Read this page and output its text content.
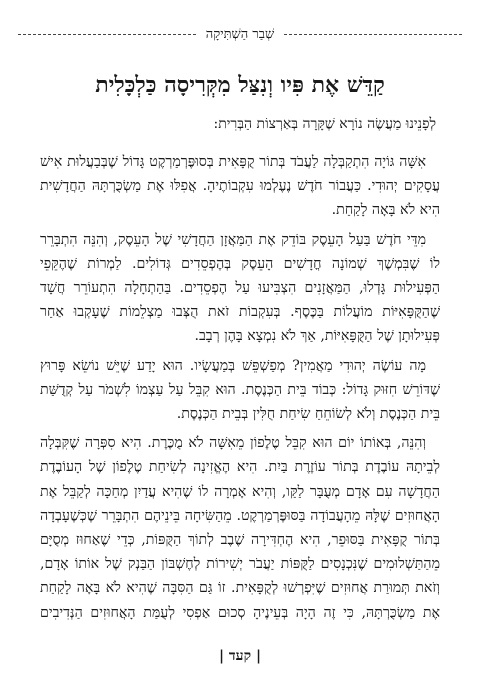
שְׁבַר הַשְׁתִּיקָה
קַדֵּשׁ אֶת פִּיו וְנִצַּל מִקְּרִיסָה כַּלְכָּלִית

לְפָנֵינוּ מַעֲשֶׂה נוֹרָא שֶׁקָּרָה בְּאַרְצוֹת הַבְּרִית:

אִשָּׁה גּוֹיָה הִתְקַבְּלָה לַעֲבֹד בְּתוֹר קֻפָּאִית בְּסוּפֶּרְמַרְקֶט גָּדוֹל שֶׁבְּבַעֲלוּת אִישׁ עֲסָקִים יְהוּדִי. כַּעֲבוֹר חֹדֶשׁ נֶעֶלְמוּ עִקְבוֹתֶיהָ. אֲפִלּוּ אֶת מַשְׂכֻּרְתָּהּ הַחֲדָשִׁית הִיא לֹא בָּאָה לָקַחַת.

מִדֵּי חֹדֶשׁ בַּעַל הָעֵסֶק בּוֹדֵק אֶת הַמַּאֲזָן הַחֲדָשִׁי שֶׁל הָעֵסֶק, וְהִנֵּה הִתְבָּרֵר לוֹ שֶׁבִּמְשֶׁךְ שְׁמוֹנָה חֳדָשִׁים הָעֵסֶק בְּהֶפְסֵדִים גְּדוֹלִים. לַמְרוֹת שֶׁהֶקֵּפֵי הַפְּעִילוּת גָּדְלוּ, הַמַּאֲזָנִים הִצְבִּיעוּ עַל הֶפְסֵדִים. בַּהַתְחָלָה הִתְעוֹרֵר חֲשָׁד שֶׁהַקֻּפָּאִיּוֹת מוֹעֲלוֹת בַּכֶּסֶף. בְּעִקְבוֹת זֹאת הֻצְּבוּ מַצְלֵמוֹת שֶׁעָקְבוּ אַחַר פְּעִילוּתָן שֶׁל הַקֻּפָּאִיּוֹת, אַךְ לֹא נִמְצָא בָּהֶן רְבָב.

מָה עוֹשֶׂה יְהוּדִי מַאֲמִין? מְפַשְׁפֵּשׁ בְּמַעֲשָׂיו. הוּא יָדַע שֶׁיֵּשׁ נוֹשֵׂא פָּרוּץ שֶׁדּוֹרֵשׁ חִזּוּק גָּדוֹל: כְּבוֹד בֵּית הַכְּנֶסֶת. הוּא קִבֵּל עַל עַצְמוֹ לִשְׁמֹר עַל קְדֻשַּׁת בֵּית הַכְּנֶסֶת וְלֹא לְשׂוֹחֵחַ שִׂיחַת חֻלִּין בְּבֵית הַכְּנֶסֶת.

וְהִנֵּה, בְּאוֹתוֹ יוֹם הוּא קִבֵּל טֶלֶפוֹן מֵאִשָּׁה לֹא מֻכֶּרֶת. הִיא סִפְּרָה שֶׁקִּבְּלָה לְבֵיתָהּ עוֹבֶדֶת בְּתוֹר עוֹזֶרֶת בַּיִת. הִיא הֶאֱזִינָה לְשִׂיחַת טֶלֶפוֹן שֶׁל הָעוֹבֶדֶת הַחֲדָשָׁה עִם אָדָם מְעֻבָּר לַקַּו, וְהִיא אָמְרָה לוֹ שֶׁהִיא עֲדַיִן מְחַכָּה לְקַבֵּל אֶת הָאֲחוּזִים שֶׁלָּהּ מֵהָעֲבוֹדָה בַּסּוּפֶּרְמַרְקֶט. מֵהַשִּׂיחָה בֵּינֵיהֶם הִתְבָּרֵר שֶׁכְּשֶׁעָבְדָה בְּתוֹר קֻפָּאִית בַּסּוּפֵר, הִיא הֶחְדִּירָה שֶׁבֶב לְתוֹךְ הַקֻּפּוֹת, כְּדֵי שֶׁאַחוּז מְסֻיָּם מֵהַתַּשְׁלוּמִים שֶׁנִּכְנָסִים לַקֻּפּוֹת יַעֲבֹר יְשִׁירוֹת לְחֶשְׁבּוֹן הַבַּנְק שֶׁל אוֹתוֹ אָדָם, וְזֹאת תְּמוּרַת אֲחוּזִים שֶׁיִּפְרְשׁוּ לְקֻפָּאִית. זוֹ גַּם הַסִּבָּה שֶׁהִיא לֹא בָּאָה לָקַחַת אֶת מַשְׂכֻּרְתָּהּ, כִּי זֶה הָיָה בְּעֵינֶיהָ סְכוּם אַפְסִי לְעֻמַּת הָאֲחוּזִים הַנְּדִיבִים

| קעד |
